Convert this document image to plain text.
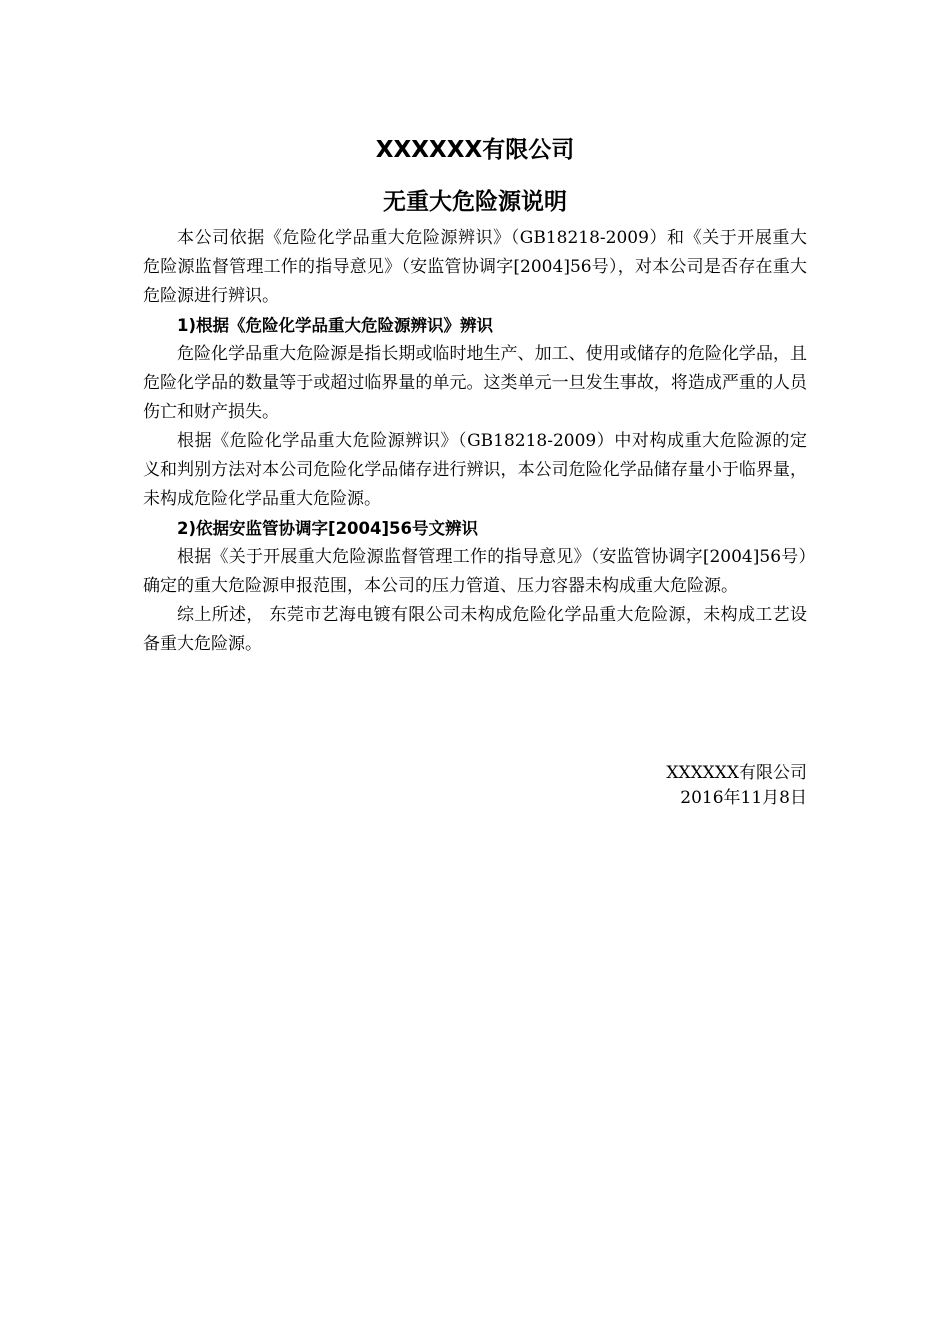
XXXXXX有限公司
无重大危险源说明

本公司依据《危险化学品重大危险源辨识》（GB18218-2009）和《关于开展重大危险源监督管理工作的指导意见》（安监管协调字[2004]56号），对本公司是否存在重大危险源进行辨识。

1)根据《危险化学品重大危险源辨识》辨识

危险化学品重大危险源是指长期或临时地生产、加工、使用或储存的危险化学品，且危险化学品的数量等于或超过临界量的单元。这类单元一旦发生事故，将造成严重的人员伤亡和财产损失。

根据《危险化学品重大危险源辨识》（GB18218-2009）中对构成重大危险源的定义和判别方法对本公司危险化学品储存进行辨识，本公司危险化学品储存量小于临界量，未构成危险化学品重大危险源。

2)依据安监管协调字[2004]56号文辨识

根据《关于开展重大危险源监督管理工作的指导意见》（安监管协调字[2004]56号）确定的重大危险源申报范围，本公司的压力管道、压力容器未构成重大危险源。

综上所述， 东莞市艺海电镀有限公司未构成危险化学品重大危险源，未构成工艺设备重大危险源。

XXXXXX有限公司
2016年11月8日
